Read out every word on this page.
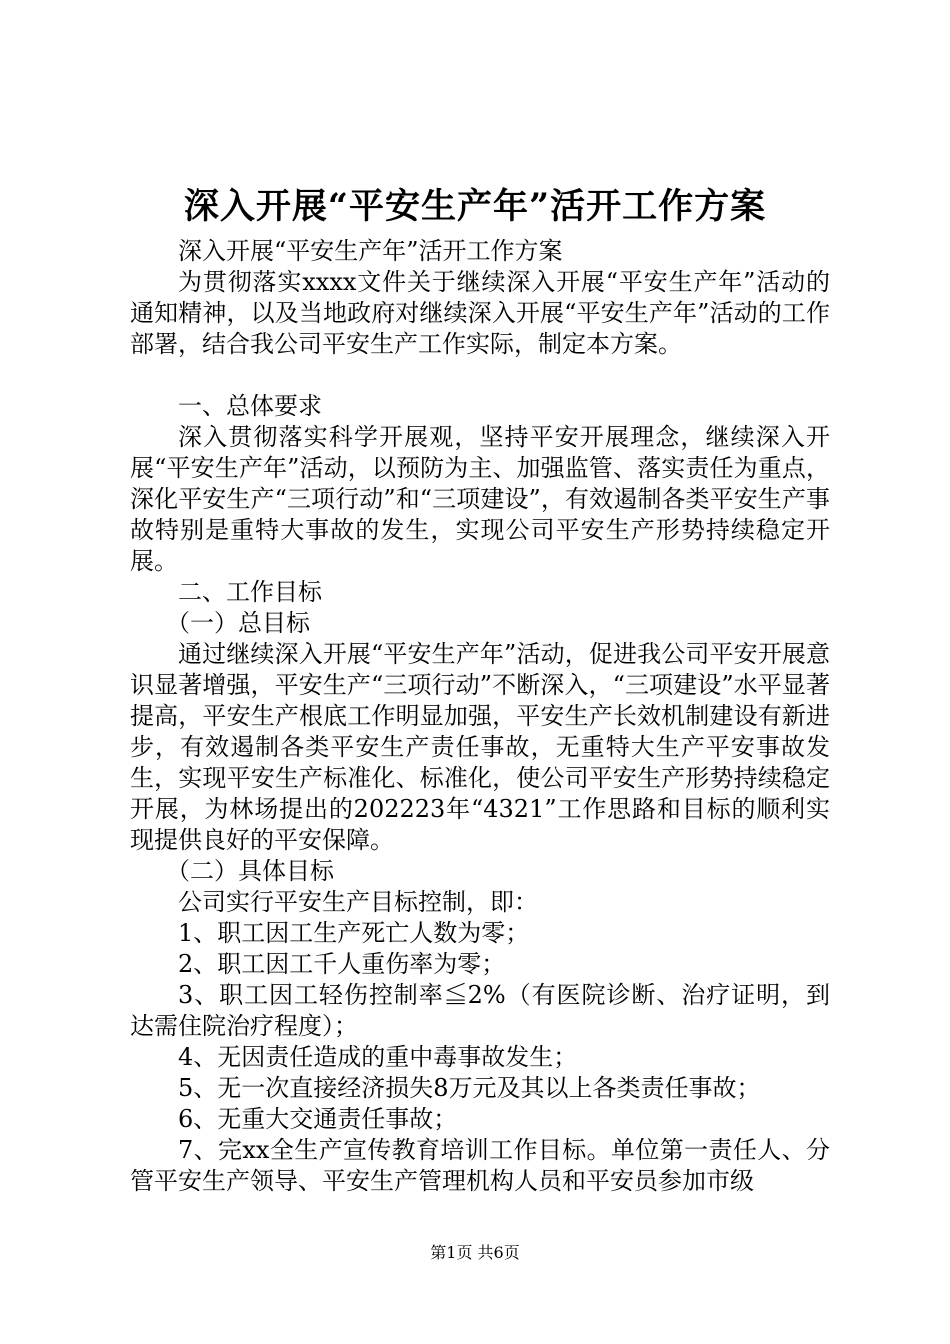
深入开展“平安生产年”活开工作方案

深入开展“平安生产年”活开工作方案

为贯彻落实xxxx文件关于继续深入开展“平安生产年”活动的通知精神，以及当地政府对继续深入开展“平安生产年”活动的工作部署，结合我公司平安生产工作实际，制定本方案。

一、总体要求

深入贯彻落实科学开展观，坚持平安开展理念，继续深入开展“平安生产年”活动，以预防为主、加强监管、落实责任为重点，深化平安生产“三项行动”和“三项建设”，有效遏制各类平安生产事故特别是重特大事故的发生，实现公司平安生产形势持续稳定开展。

二、工作目标

（一）总目标

通过继续深入开展“平安生产年”活动，促进我公司平安开展意识显著增强，平安生产“三项行动”不断深入，“三项建设”水平显著提高，平安生产根底工作明显加强，平安生产长效机制建设有新进步，有效遏制各类平安生产责任事故，无重特大生产平安事故发生，实现平安生产标准化、标准化，使公司平安生产形势持续稳定开展，为林场提出的202223年“4321”工作思路和目标的顺利实现提供良好的平安保障。

（二）具体目标

公司实行平安生产目标控制，即：

1、职工因工生产死亡人数为零；

2、职工因工千人重伤率为零；

3、职工因工轻伤控制率≦2%（有医院诊断、治疗证明，到达需住院治疗程度）；

4、无因责任造成的重中毒事故发生；

5、无一次直接经济损失8万元及其以上各类责任事故；

6、无重大交通责任事故；

7、完xx全生产宣传教育培训工作目标。单位第一责任人、分管平安生产领导、平安生产管理机构人员和平安员参加市级

第1页 共6页
